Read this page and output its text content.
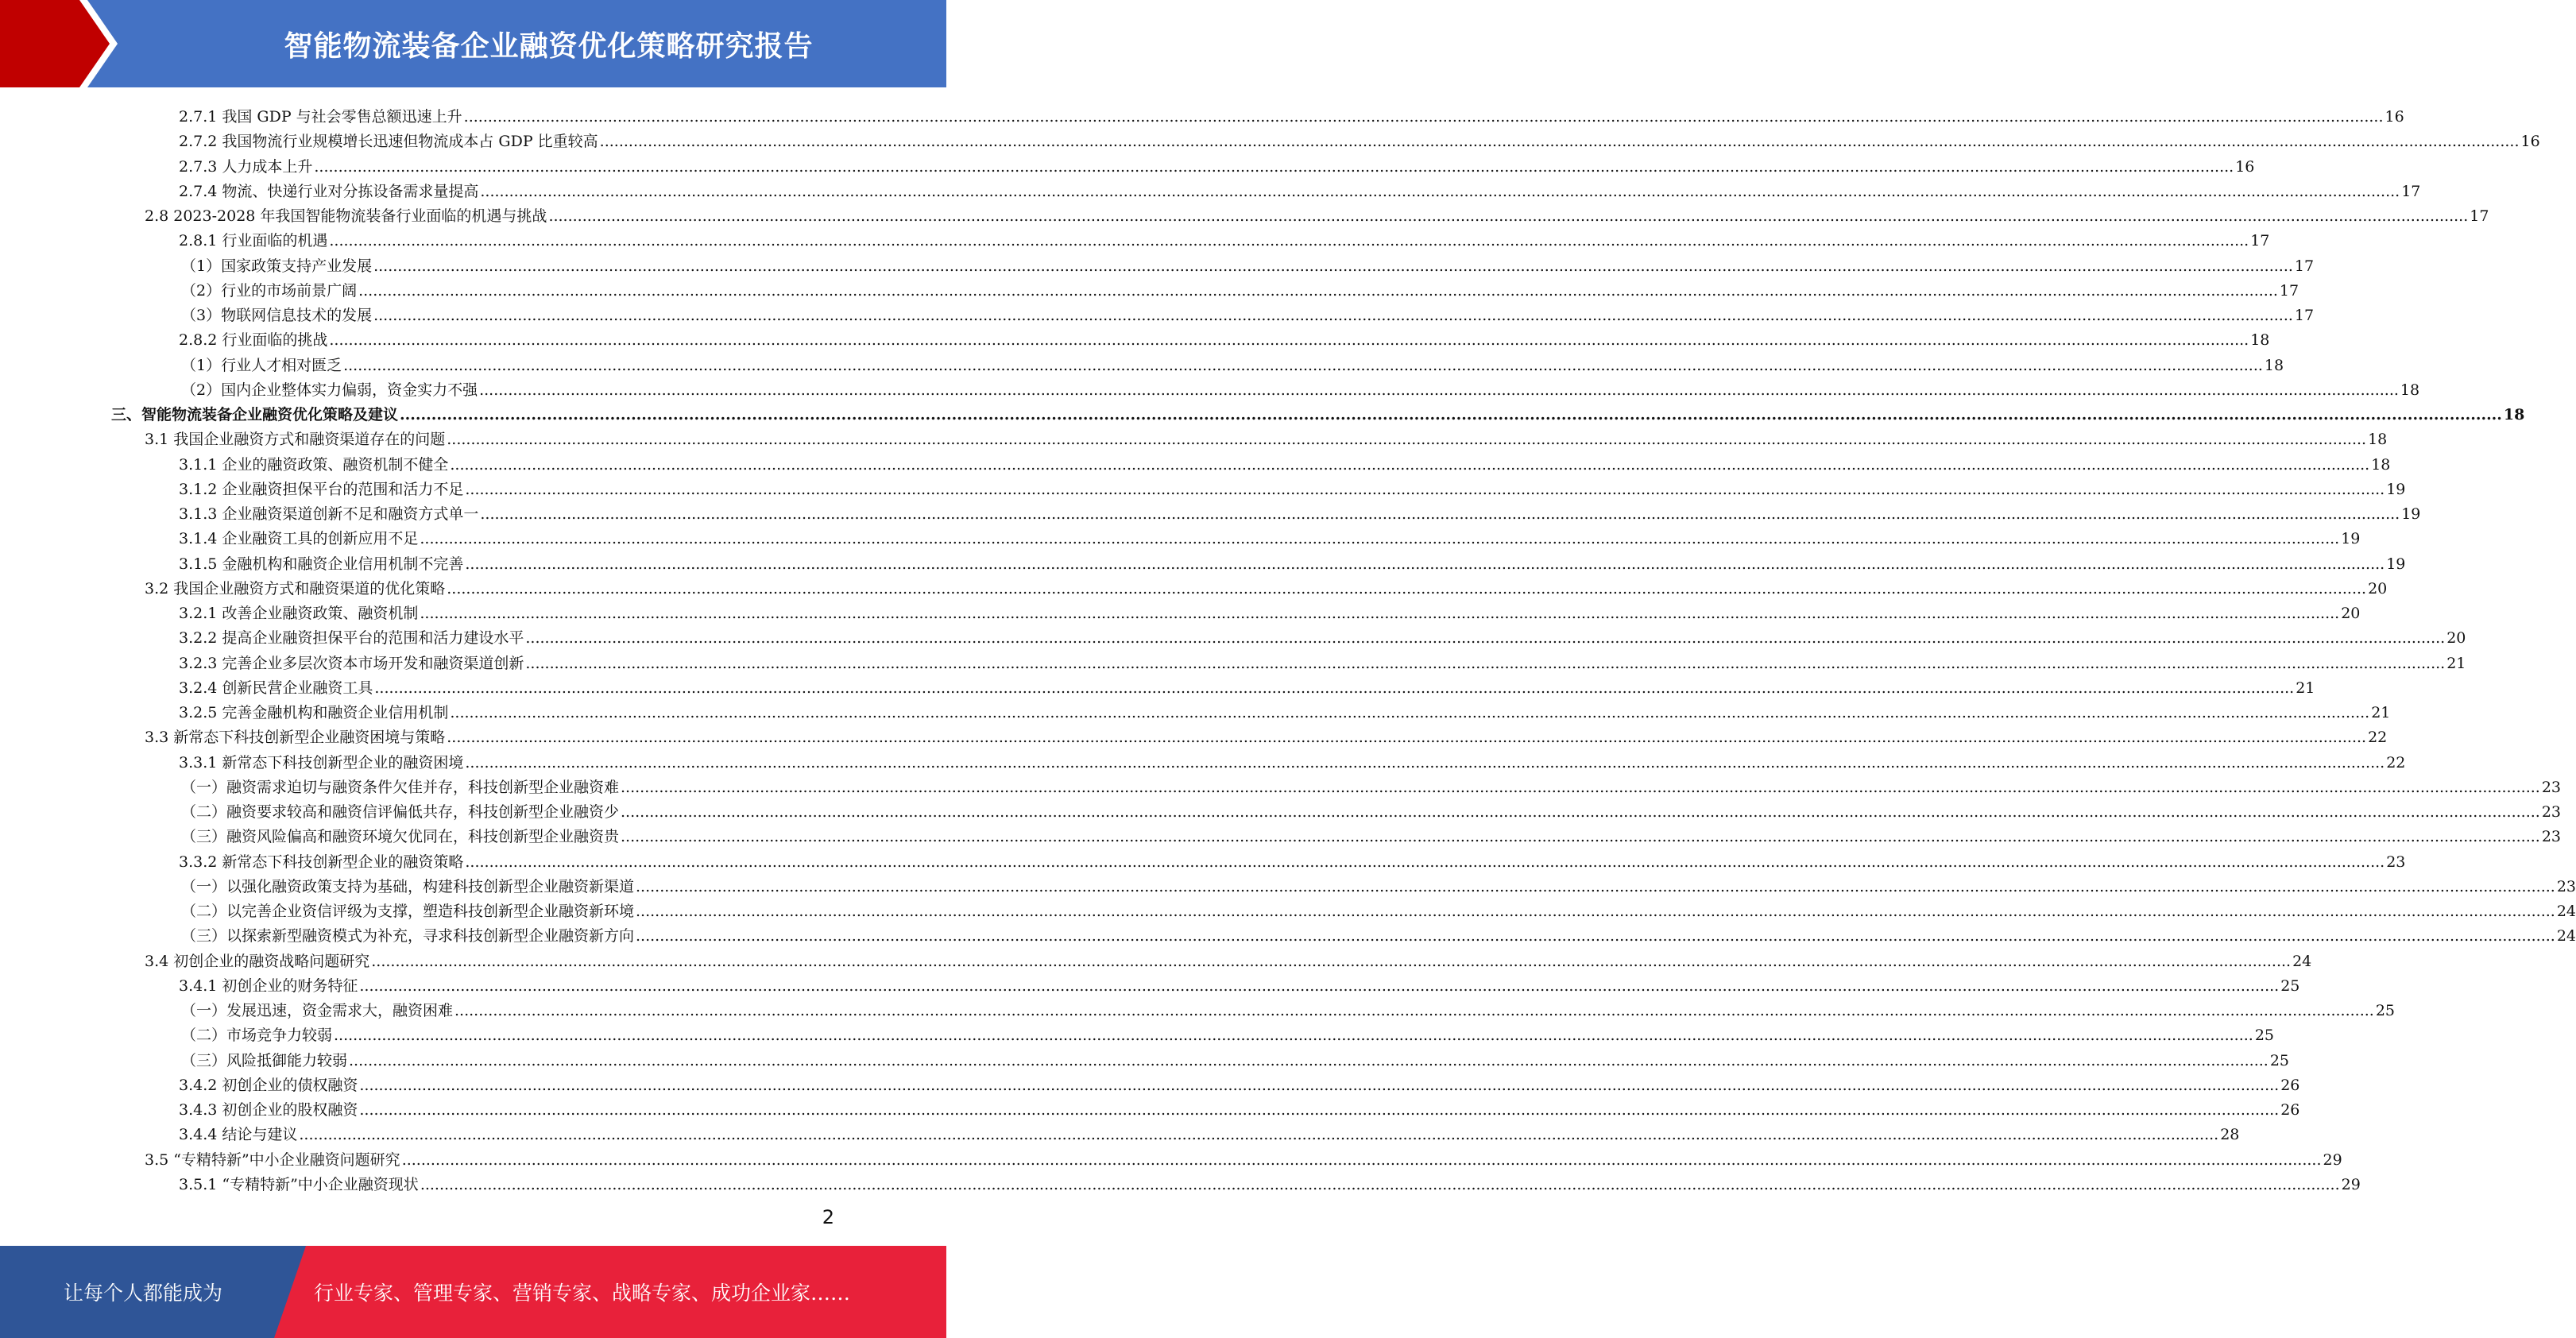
智能物流装备企业融资优化策略研究报告
2.7.1 我国 GDP 与社会零售总额迅速上升 ................................................................................................................................................................................................................................................................................................................................................................................................................ 16
2.7.2 我国物流行业规模增长迅速但物流成本占 GDP 比重较高 ................................................................................................................................................................................................................................................................................................................................................................................................................ 16
2.7.3 人力成本上升 ................................................................................................................................................................................................................................................................................................................................................................................................................ 16
2.7.4 物流、快递行业对分拣设备需求量提高 ................................................................................................................................................................................................................................................................................................................................................................................................................ 17
2.8 2023-2028 年我国智能物流装备行业面临的机遇与挑战 ................................................................................................................................................................................................................................................................................................................................................................................................................ 17
2.8.1 行业面临的机遇 ................................................................................................................................................................................................................................................................................................................................................................................................................ 17
（1）国家政策支持产业发展 ................................................................................................................................................................................................................................................................................................................................................................................................................ 17
（2）行业的市场前景广阔 ................................................................................................................................................................................................................................................................................................................................................................................................................ 17
（3）物联网信息技术的发展 ................................................................................................................................................................................................................................................................................................................................................................................................................ 17
2.8.2 行业面临的挑战 ................................................................................................................................................................................................................................................................................................................................................................................................................ 18
（1）行业人才相对匮乏 ................................................................................................................................................................................................................................................................................................................................................................................................................ 18
（2）国内企业整体实力偏弱，资金实力不强 ................................................................................................................................................................................................................................................................................................................................................................................................................ 18
三、智能物流装备企业融资优化策略及建议 ................................................................................................................................................................................................................................................................................................................................................................................................................ 18
3.1 我国企业融资方式和融资渠道存在的问题 ................................................................................................................................................................................................................................................................................................................................................................................................................ 18
3.1.1 企业的融资政策、融资机制不健全 ................................................................................................................................................................................................................................................................................................................................................................................................................ 18
3.1.2 企业融资担保平台的范围和活力不足 ................................................................................................................................................................................................................................................................................................................................................................................................................ 19
3.1.3 企业融资渠道创新不足和融资方式单一 ................................................................................................................................................................................................................................................................................................................................................................................................................ 19
3.1.4 企业融资工具的创新应用不足 ................................................................................................................................................................................................................................................................................................................................................................................................................ 19
3.1.5 金融机构和融资企业信用机制不完善 ................................................................................................................................................................................................................................................................................................................................................................................................................ 19
3.2 我国企业融资方式和融资渠道的优化策略 ................................................................................................................................................................................................................................................................................................................................................................................................................ 20
3.2.1 改善企业融资政策、融资机制 ................................................................................................................................................................................................................................................................................................................................................................................................................ 20
3.2.2 提高企业融资担保平台的范围和活力建设水平 ................................................................................................................................................................................................................................................................................................................................................................................................................ 20
3.2.3 完善企业多层次资本市场开发和融资渠道创新 ................................................................................................................................................................................................................................................................................................................................................................................................................ 21
3.2.4 创新民营企业融资工具 ................................................................................................................................................................................................................................................................................................................................................................................................................ 21
3.2.5 完善金融机构和融资企业信用机制 ................................................................................................................................................................................................................................................................................................................................................................................................................ 21
3.3 新常态下科技创新型企业融资困境与策略 ................................................................................................................................................................................................................................................................................................................................................................................................................ 22
3.3.1 新常态下科技创新型企业的融资困境 ................................................................................................................................................................................................................................................................................................................................................................................................................ 22
（一）融资需求迫切与融资条件欠佳并存，科技创新型企业融资难 ................................................................................................................................................................................................................................................................................................................................................................................................................ 23
（二）融资要求较高和融资信评偏低共存，科技创新型企业融资少 ................................................................................................................................................................................................................................................................................................................................................................................................................ 23
（三）融资风险偏高和融资环境欠优同在，科技创新型企业融资贵 ................................................................................................................................................................................................................................................................................................................................................................................................................ 23
3.3.2 新常态下科技创新型企业的融资策略 ................................................................................................................................................................................................................................................................................................................................................................................................................ 23
（一）以强化融资政策支持为基础，构建科技创新型企业融资新渠道 ................................................................................................................................................................................................................................................................................................................................................................................................................ 23
（二）以完善企业资信评级为支撑，塑造科技创新型企业融资新环境 ................................................................................................................................................................................................................................................................................................................................................................................................................ 24
（三）以探索新型融资模式为补充，寻求科技创新型企业融资新方向 ................................................................................................................................................................................................................................................................................................................................................................................................................ 24
3.4 初创企业的融资战略问题研究 ................................................................................................................................................................................................................................................................................................................................................................................................................ 24
3.4.1 初创企业的财务特征 ................................................................................................................................................................................................................................................................................................................................................................................................................ 25
（一）发展迅速，资金需求大，融资困难 ................................................................................................................................................................................................................................................................................................................................................................................................................ 25
（二）市场竞争力较弱 ................................................................................................................................................................................................................................................................................................................................................................................................................ 25
（三）风险抵御能力较弱 ................................................................................................................................................................................................................................................................................................................................................................................................................ 25
3.4.2 初创企业的债权融资 ................................................................................................................................................................................................................................................................................................................................................................................................................ 26
3.4.3 初创企业的股权融资 ................................................................................................................................................................................................................................................................................................................................................................................................................ 26
3.4.4 结论与建议 ................................................................................................................................................................................................................................................................................................................................................................................................................ 28
3.5 “专精特新”中小企业融资问题研究 ................................................................................................................................................................................................................................................................................................................................................................................................................ 29
3.5.1 “专精特新”中小企业融资现状 ................................................................................................................................................................................................................................................................................................................................................................................................................ 29
2
让每个人都能成为	行业专家、管理专家、营销专家、战略专家、成功企业家……
